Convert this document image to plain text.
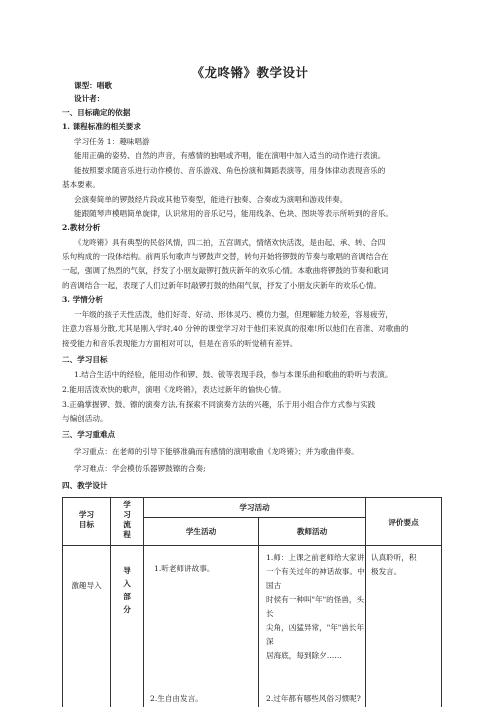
《龙咚锵》教学设计
课型：唱歌
设计者：
一、目标确定的依据
1. 课程标准的相关要求
学习任务 1：趣味唱游
能用正确的姿势、自然的声音，有感情的独唱或齐唱，能在演唱中加入适当的动作进行表演。
能按照要求随音乐进行动作模仿、音乐游戏、角色扮演和舞蹈表演等，用身体律动表现音乐的
基本要素。
会演奏简单的锣鼓经片段或其他节奏型，能进行独奏、合奏或为演唱和游戏伴奏。
能跟随琴声模唱简单旋律，认识常用的音乐记号，能用线条、色块、图块等表示所听到的音乐。
2.教材分析
《龙咚锵》具有典型的民俗风情，四二拍，五宫调式，情绪欢快活泼，是由起、承、转、合四
乐句构成的一段体结构。前两乐句歌声与锣鼓声交替，转句开始将锣鼓的节奏与歌唱的音调结合在
一起，强调了热烈的气氛，抒发了小朋友敲锣打鼓庆新年的欢乐心情。本歌曲将锣鼓的节奏和歌词
的音调结合一起，表现了人们过新年时敲锣打鼓的热闹气氛，抒发了小朋友庆新年的欢乐心情。
3. 学情分析
一年级的孩子天性活泼，他们好奇、好动、形体灵巧、模仿力强，但理解能力较差，容易疲劳，
注意力容易分散,尤其是刚入学时,40 分钟的课堂学习对于他们来说真的很难!所以他们在音准、对歌曲的
接受能力和音乐表现能力方面相对可以，但是在音乐的听觉稍有差异。
二、学习目标
1.结合生活中的经验，能用动作和锣、鼓、钹等表现手段，参与本课乐曲和歌曲的聆听与表演。
2.能用活泼欢快的歌声，演唱《龙咚锵》，表达过新年的愉快心情。
3.正确掌握锣、鼓、镲的演奏方法,有探索不同演奏方法的兴趣，乐于用小组合作方式参与实践
与编创活动。
三、学习重难点
学习重点：在老师的引导下能够准确而有感情的演唱歌曲《龙咚锵》；并为歌曲伴奏。
学习难点：学会模仿乐器锣鼓镲的合奏;
四、教学设计
学习
目标
学
习
流
程
学习活动
学生活动	教师活动
评价要点
激趣导入
导
入
部
分
1.听老师讲故事。
2.生自由发言。
1.师：上课之前老师给大家讲
一个有关过年的神话故事。中国古
时侯有一种叫"年"的怪兽，头长
尖角，凶猛异常，"年"兽长年深
居海底，每到除夕……
2.过年都有哪些风俗习惯呢?
认真聆听，积
极发言。
